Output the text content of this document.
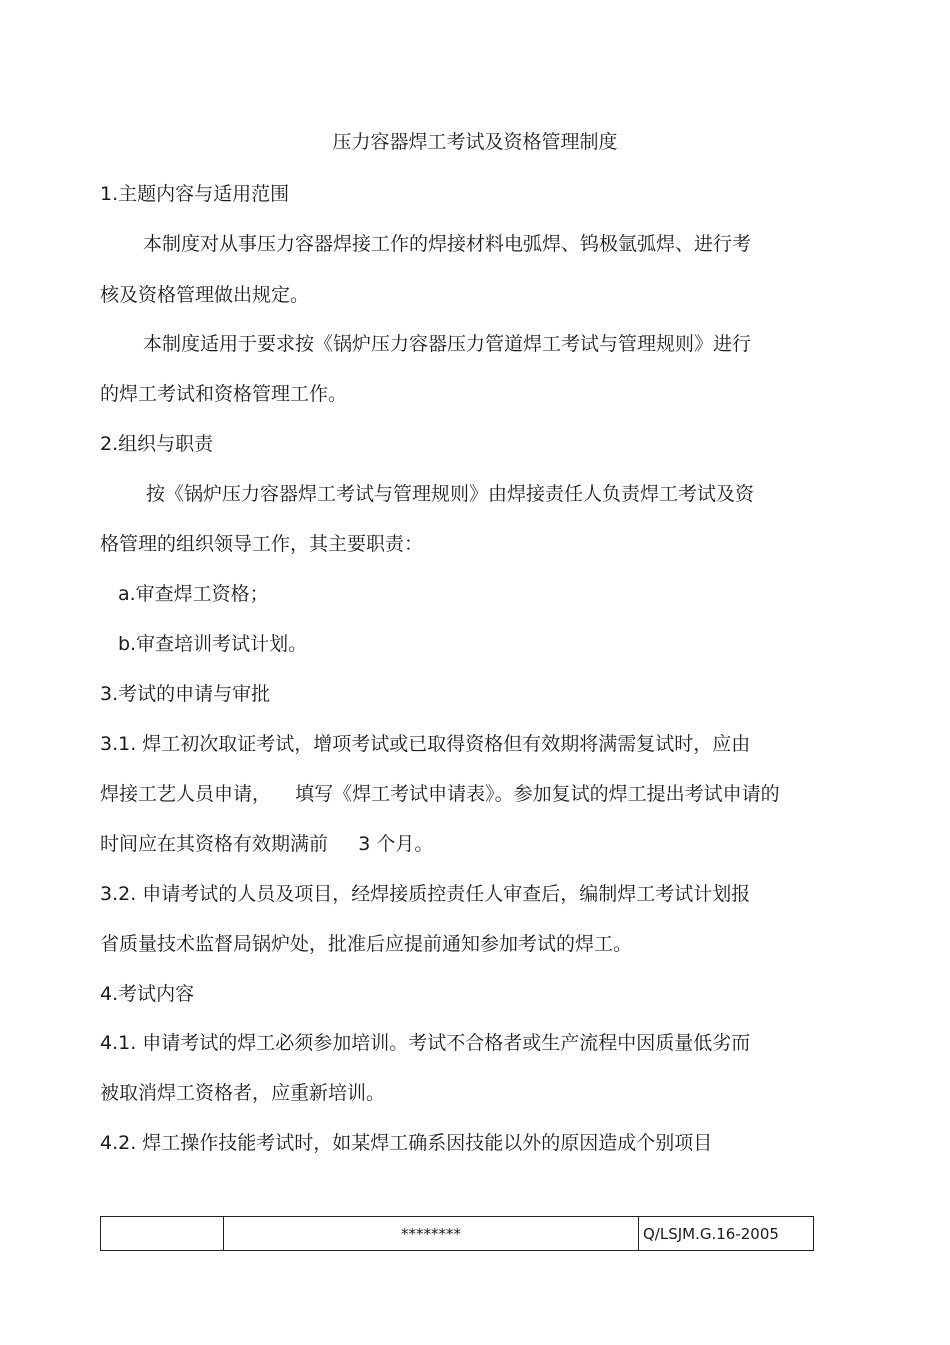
压力容器焊工考试及资格管理制度

1.主题内容与适用范围

本制度对从事压力容器焊接工作的焊接材料电弧焊、钨极氩弧焊、进行考

核及资格管理做出规定。

本制度适用于要求按《锅炉压力容器压力管道焊工考试与管理规则》进行

的焊工考试和资格管理工作。

2.组织与职责

按《锅炉压力容器焊工考试与管理规则》由焊接责任人负责焊工考试及资

格管理的组织领导工作，其主要职责：

a.审查焊工资格；

b.审查培训考试计划。

3.考试的申请与审批

3.1. 焊工初次取证考试，增项考试或已取得资格但有效期将满需复试时，应由

焊接工艺人员申请，    填写《焊工考试申请表》。参加复试的焊工提出考试申请的

时间应在其资格有效期满前     3 个月。

3.2. 申请考试的人员及项目，经焊接质控责任人审查后，编制焊工考试计划报

省质量技术监督局锅炉处，批准后应提前通知参加考试的焊工。

4.考试内容

4.1. 申请考试的焊工必须参加培训。考试不合格者或生产流程中因质量低劣而

被取消焊工资格者，应重新培训。

4.2. 焊工操作技能考试时，如某焊工确系因技能以外的原因造成个别项目

	********	Q/LSJM.G.16-2005
